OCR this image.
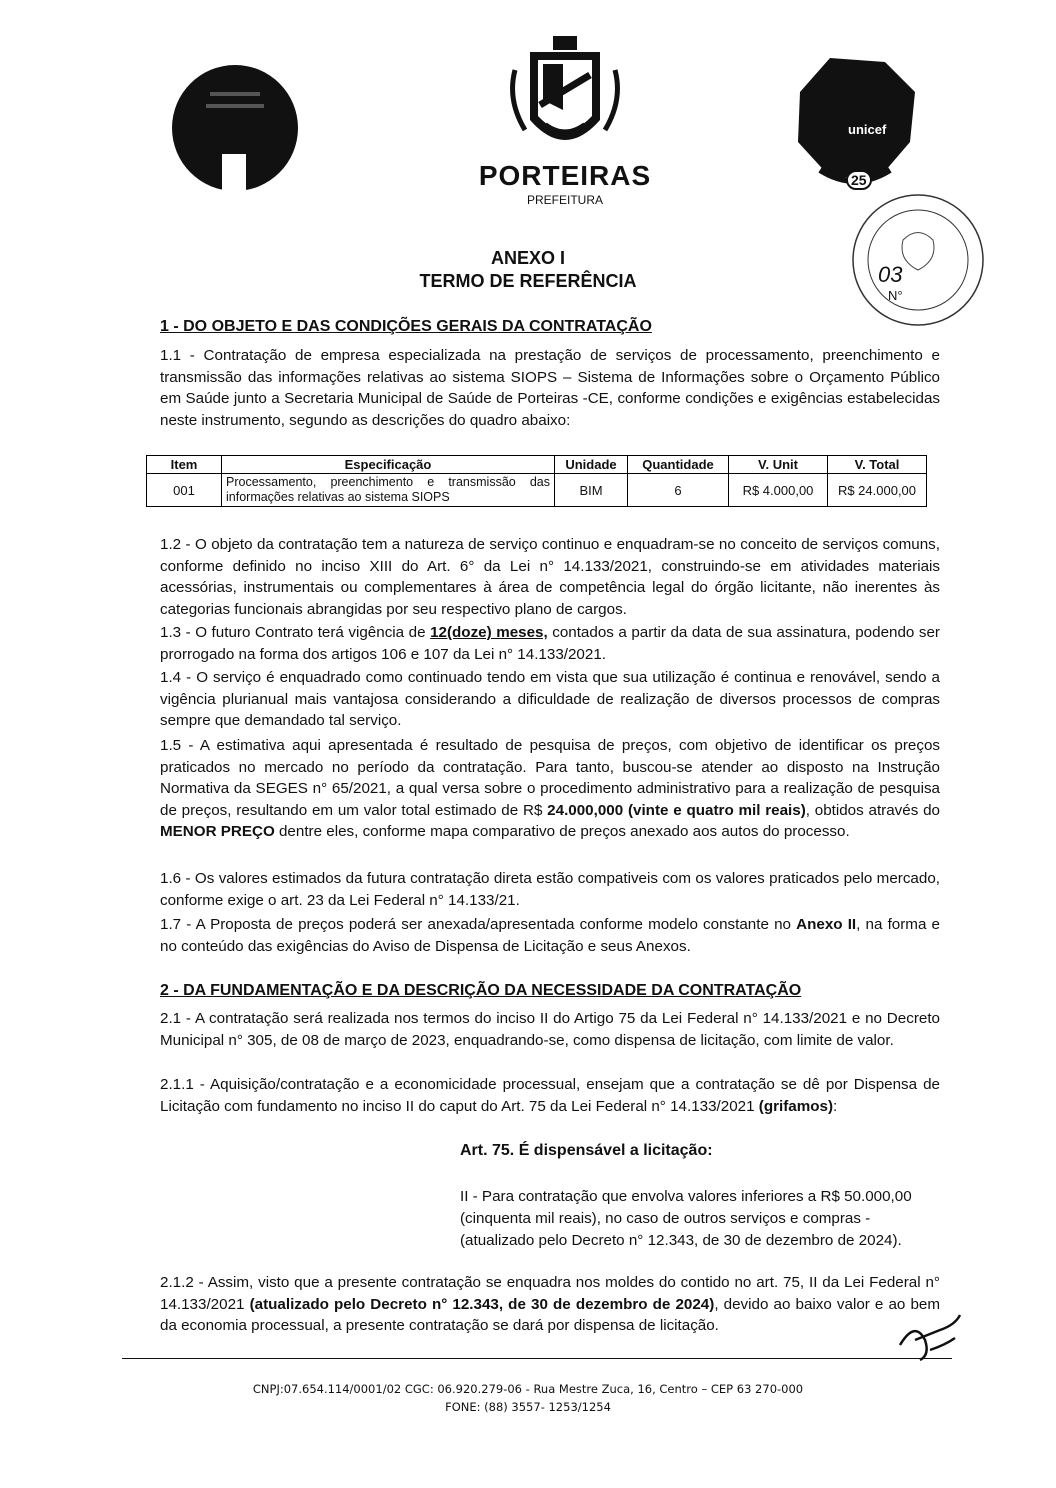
PORTEIRAS
PREFEITURA
unicef
25
03
N°
ANEXO I
TERMO DE REFERÊNCIA
1 - DO OBJETO E DAS CONDIÇÕES GERAIS DA CONTRATAÇÃO
1.1 - Contratação de empresa especializada na prestação de serviços de processamento, preenchimento e transmissão das informações relativas ao sistema SIOPS – Sistema de Informações sobre o Orçamento Público em Saúde junto a Secretaria Municipal de Saúde de Porteiras -CE, conforme condições e exigências estabelecidas neste instrumento, segundo as descrições do quadro abaixo:
Item	Especificação	Unidade	Quantidade	V. Unit	V. Total
001	Processamento, preenchimento e transmissão das informações relativas ao sistema SIOPS	BIM	6	R$ 4.000,00	R$ 24.000,00
1.2 - O objeto da contratação tem a natureza de serviço continuo e enquadram-se no conceito de serviços comuns, conforme definido no inciso XIII do Art. 6° da Lei n° 14.133/2021, construindo-se em atividades materiais acessórias, instrumentais ou complementares à área de competência legal do órgão licitante, não inerentes às categorias funcionais abrangidas por seu respectivo plano de cargos.
1.3 - O futuro Contrato terá vigência de 12(doze) meses, contados a partir da data de sua assinatura, podendo ser prorrogado na forma dos artigos 106 e 107 da Lei n° 14.133/2021.
1.4 - O serviço é enquadrado como continuado tendo em vista que sua utilização é continua e renovável, sendo a vigência plurianual mais vantajosa considerando a dificuldade de realização de diversos processos de compras sempre que demandado tal serviço.
1.5 - A estimativa aqui apresentada é resultado de pesquisa de preços, com objetivo de identificar os preços praticados no mercado no período da contratação. Para tanto, buscou-se atender ao disposto na Instrução Normativa da SEGES n° 65/2021, a qual versa sobre o procedimento administrativo para a realização de pesquisa de preços, resultando em um valor total estimado de R$ 24.000,000 (vinte e quatro mil reais), obtidos através do MENOR PREÇO dentre eles, conforme mapa comparativo de preços anexado aos autos do processo.
1.6 - Os valores estimados da futura contratação direta estão compativeis com os valores praticados pelo mercado, conforme exige o art. 23 da Lei Federal n° 14.133/21.
1.7 - A Proposta de preços poderá ser anexada/apresentada conforme modelo constante no Anexo II, na forma e no conteúdo das exigências do Aviso de Dispensa de Licitação e seus Anexos.
2 - DA FUNDAMENTAÇÃO E DA DESCRIÇÃO DA NECESSIDADE DA CONTRATAÇÃO
2.1 - A contratação será realizada nos termos do inciso II do Artigo 75 da Lei Federal n° 14.133/2021 e no Decreto Municipal n° 305, de 08 de março de 2023, enquadrando-se, como dispensa de licitação, com limite de valor.
2.1.1 - Aquisição/contratação e a economicidade processual, ensejam que a contratação se dê por Dispensa de Licitação com fundamento no inciso II do caput do Art. 75 da Lei Federal n° 14.133/2021 (grifamos):
Art. 75. É dispensável a licitação:
II - Para contratação que envolva valores inferiores a R$ 50.000,00 (cinquenta mil reais), no caso de outros serviços e compras - (atualizado pelo Decreto n° 12.343, de 30 de dezembro de 2024).
2.1.2 - Assim, visto que a presente contratação se enquadra nos moldes do contido no art. 75, II da Lei Federal n° 14.133/2021 (atualizado pelo Decreto n° 12.343, de 30 de dezembro de 2024), devido ao baixo valor e ao bem da economia processual, a presente contratação se dará por dispensa de licitação.
CNPJ:07.654.114/0001/02 CGC: 06.920.279-06 - Rua Mestre Zuca, 16, Centro – CEP 63 270-000
FONE: (88) 3557- 1253/1254
